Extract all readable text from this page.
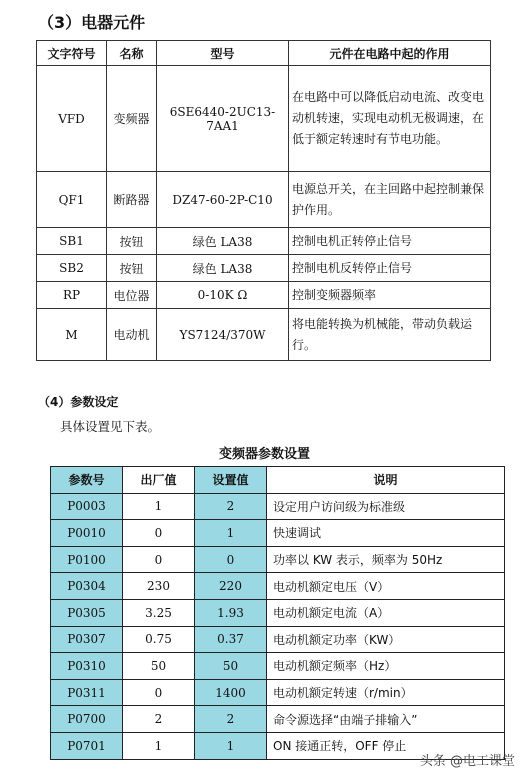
（3）电器元件
文字符号	名称	型号	元件在电路中起的作用
VFD	变频器	6SE6440-2UC13-7AA1	在电路中可以降低启动电流、改变电动机转速，实现电动机无极调速，在低于额定转速时有节电功能。
QF1	断路器	DZ47-60-2P-C10	电源总开关，在主回路中起控制兼保护作用。
SB1	按钮	绿色 LA38	控制电机正转停止信号
SB2	按钮	绿色 LA38	控制电机反转停止信号
RP	电位器	0-10K Ω	控制变频器频率
M	电动机	YS7124/370W	将电能转换为机械能，带动负载运行。
（4）参数设定
具体设置见下表。
变频器参数设置
参数号	出厂值	设置值	说明
P0003	1	2	设定用户访问级为标准级
P0010	0	1	快速调试
P0100	0	0	功率以 KW 表示，频率为 50Hz
P0304	230	220	电动机额定电压（V）
P0305	3.25	1.93	电动机额定电流（A）
P0307	0.75	0.37	电动机额定功率（KW）
P0310	50	50	电动机额定频率（Hz）
P0311	0	1400	电动机额定转速（r/min）
P0700	2	2	命令源选择“由端子排输入”
P0701	1	1	ON 接通正转，OFF 停止
头条 @电工课堂
